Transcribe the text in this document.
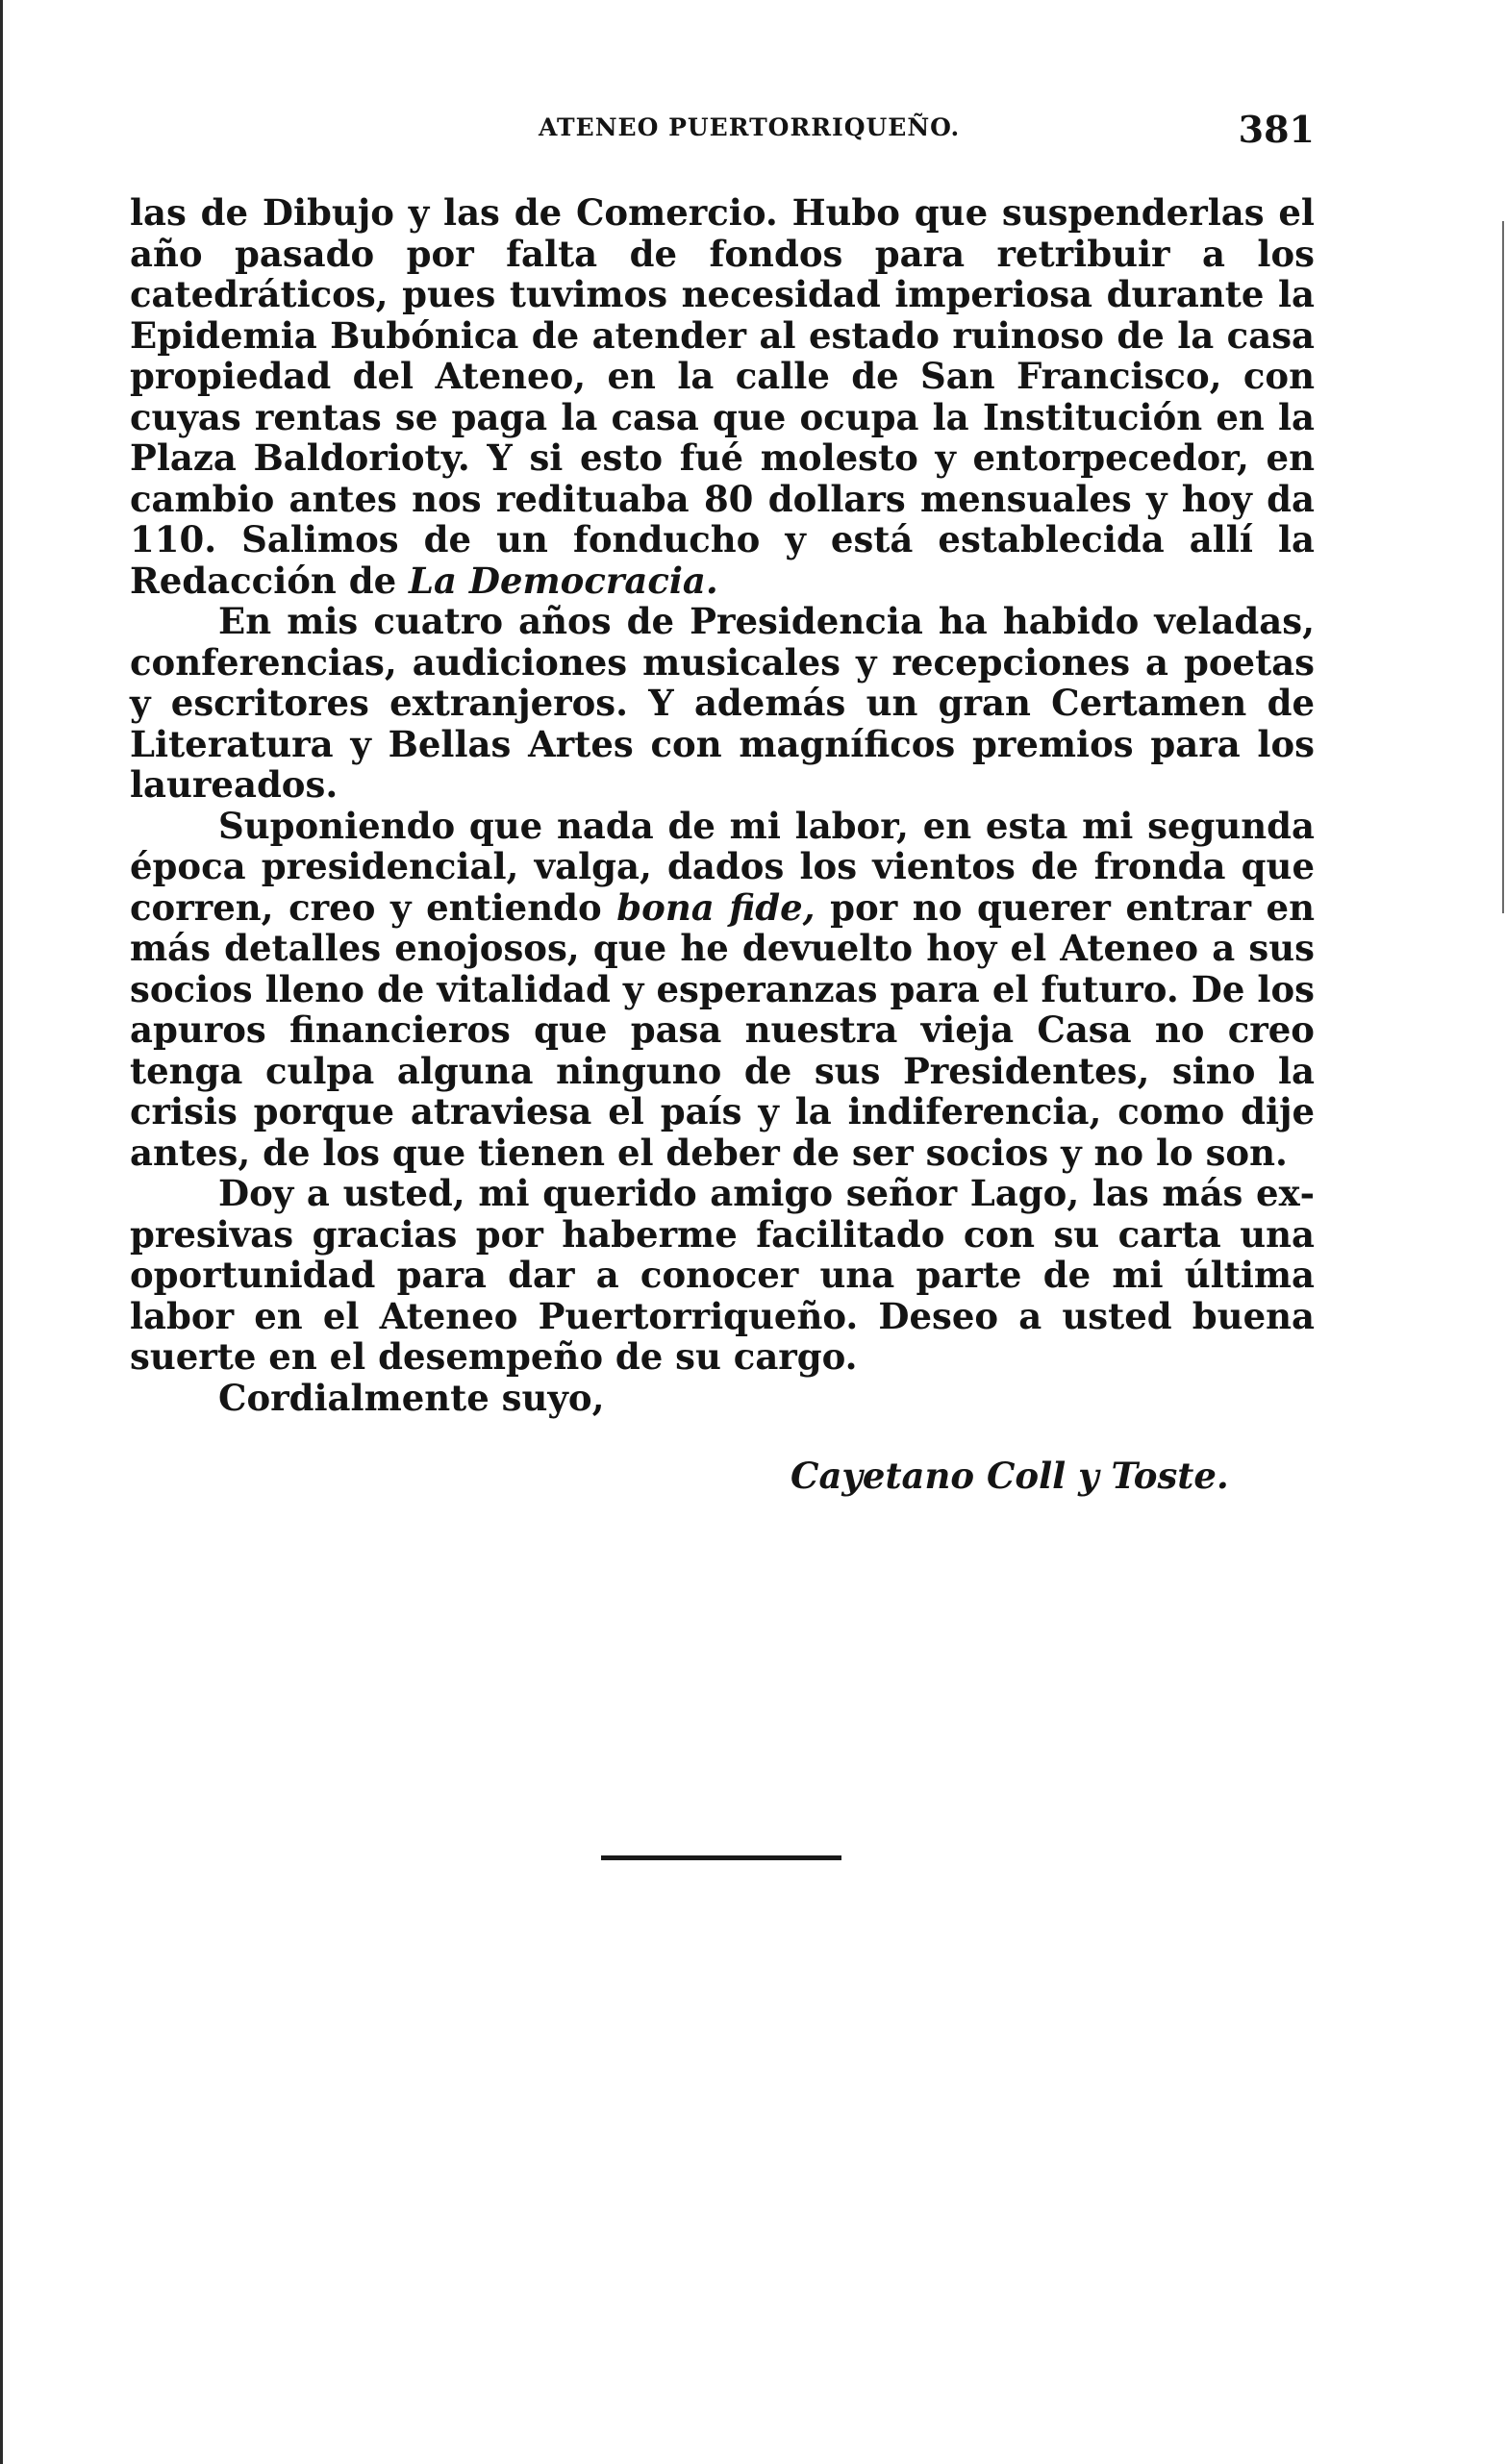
ATENEO PUERTORRIQUEÑO.	381

las de Dibujo y las de Comercio. Hubo que suspenderlas el año pasado por falta de fondos para retribuir a los catedráticos, pues tuvimos necesidad imperiosa durante la Epidemia Bubónica de atender al estado ruinoso de la casa propiedad del Ateneo, en la calle de San Francisco, con cuyas rentas se paga la casa que ocupa la Institución en la Plaza Baldorioty. Y si esto fué molesto y entorpecedor, en cambio antes nos redituaba 80 dollars mensuales y hoy da 110. Salimos de un fonducho y está establecida allí la Redacción de La Democracia.

En mis cuatro años de Presidencia ha habido veladas, conferencias, audiciones musicales y recepciones a poetas y escritores extranjeros. Y además un gran Certamen de Literatura y Bellas Artes con magníficos premios para los laureados.

Suponiendo que nada de mi labor, en esta mi segunda época presidencial, valga, dados los vientos de fronda que corren, creo y entiendo bona fide, por no querer entrar en más detalles enojosos, que he devuelto hoy el Ateneo a sus socios lleno de vitalidad y esperanzas para el futuro. De los apuros financieros que pasa nuestra vieja Casa no creo tenga culpa alguna ninguno de sus Presidentes, sino la crisis porque atraviesa el país y la indiferencia, como dije antes, de los que tienen el deber de ser socios y no lo son.

Doy a usted, mi querido amigo señor Lago, las más expresivas gracias por haberme facilitado con su carta una oportunidad para dar a conocer una parte de mi última labor en el Ateneo Puertorriqueño. Deseo a usted buena suerte en el desempeño de su cargo.

Cordialmente suyo,

Cayetano Coll y Toste.
